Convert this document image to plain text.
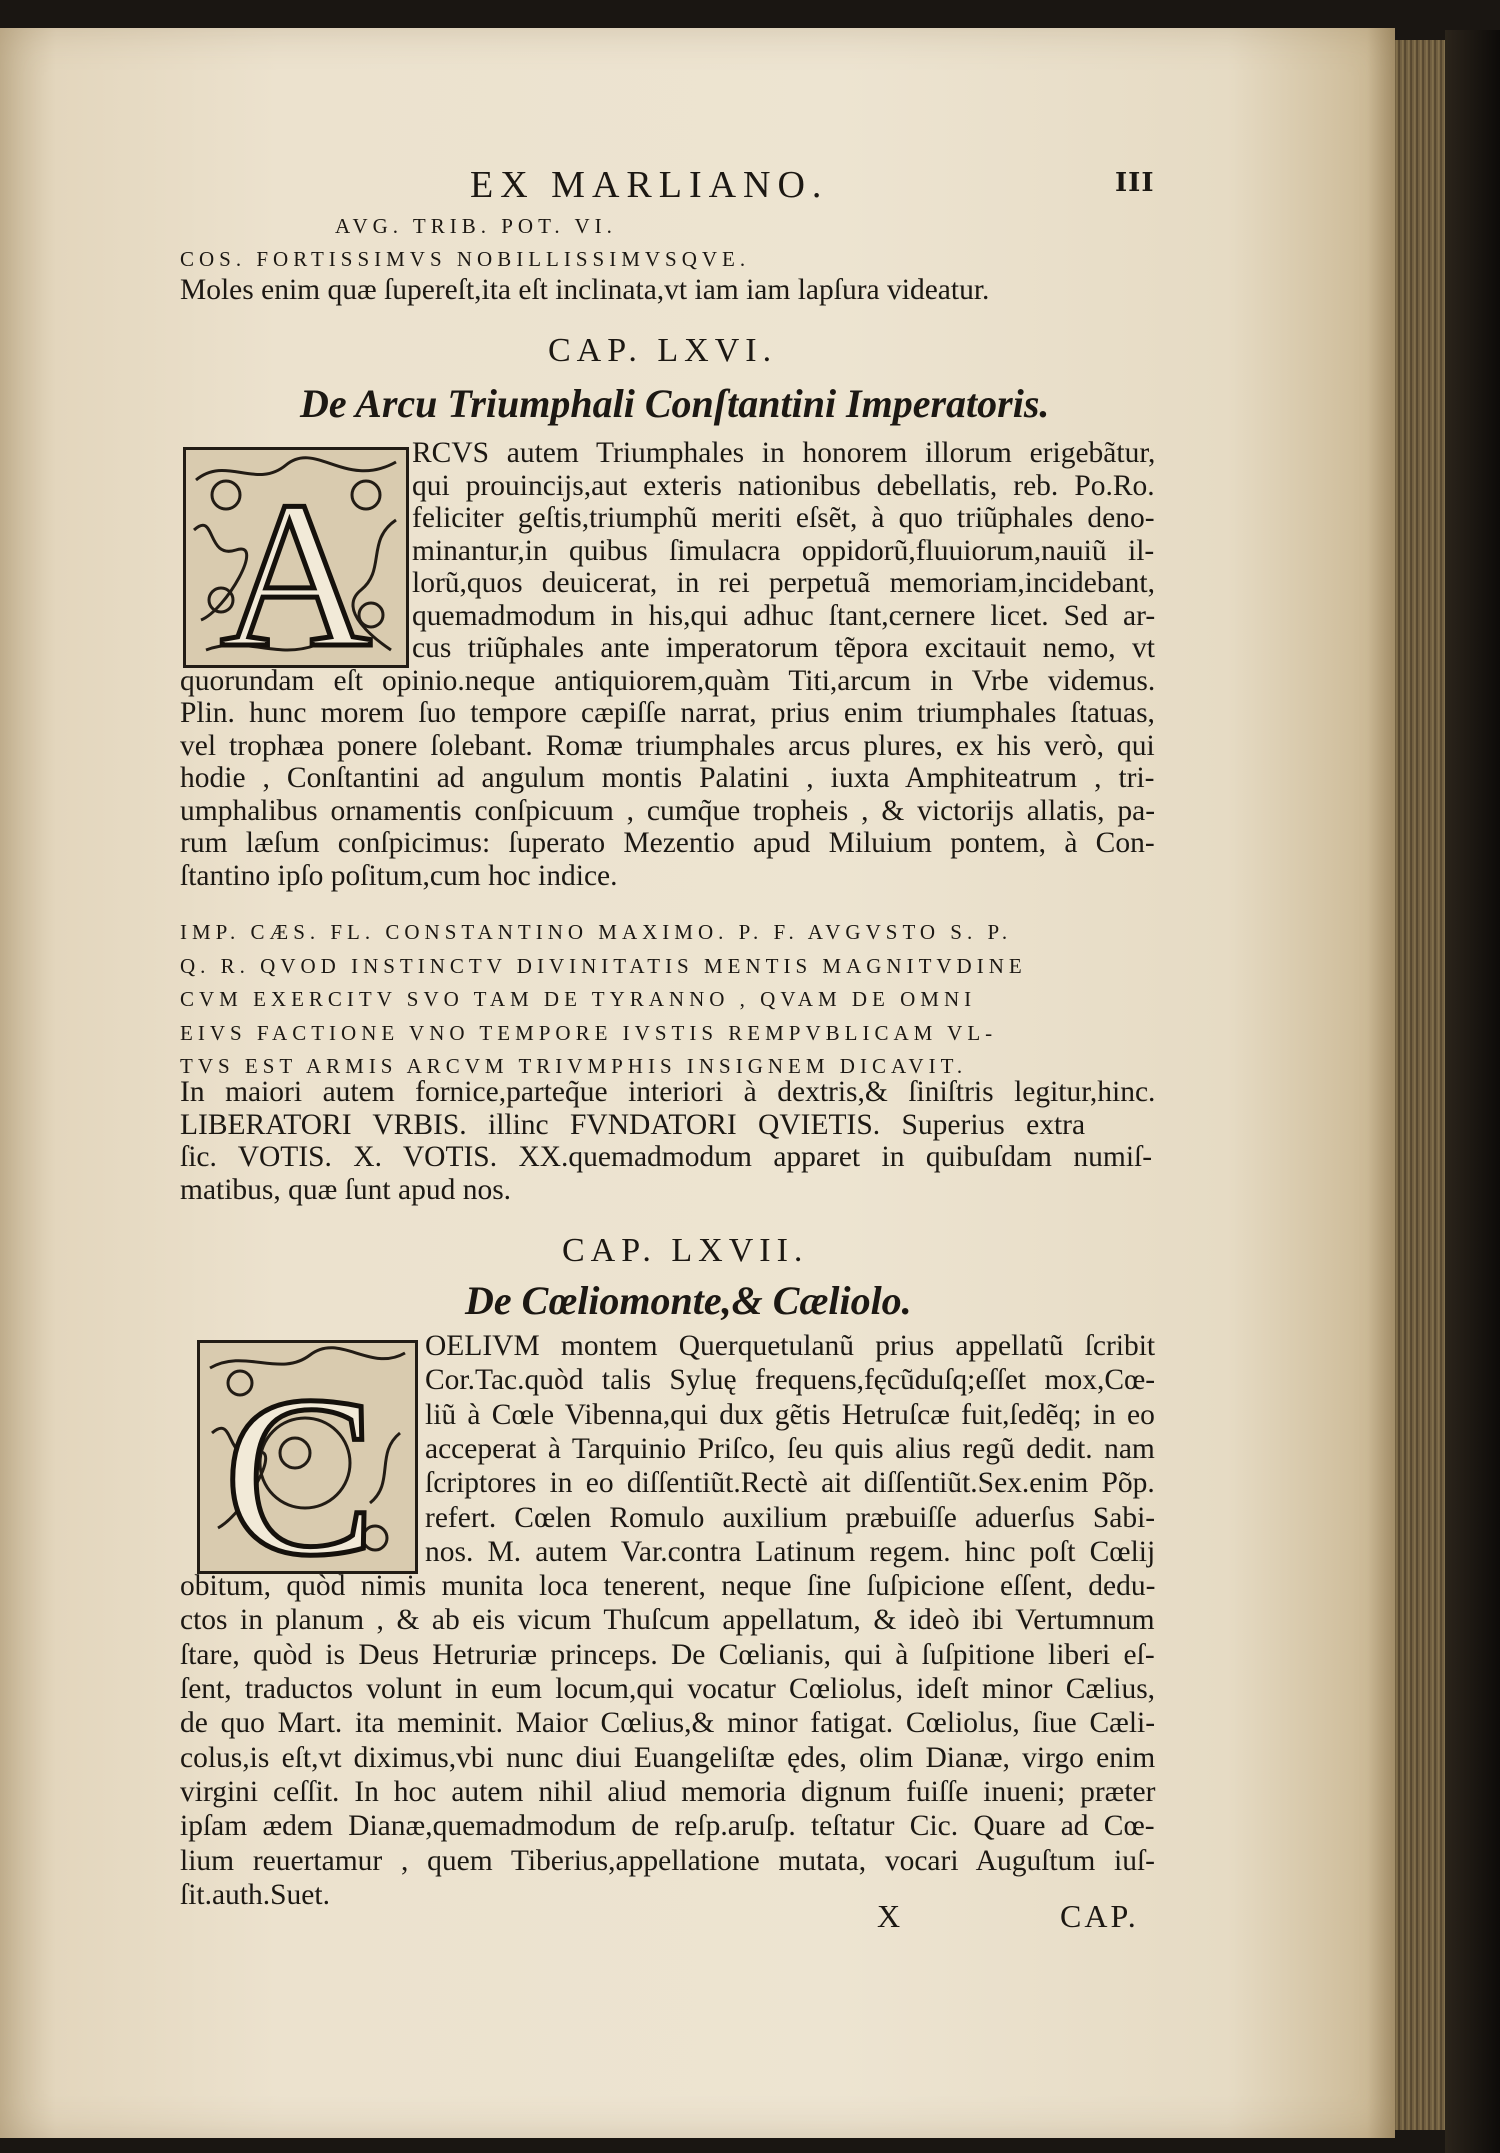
EX MARLIANO.	III
AVG. TRIB. POT. VI.
COS. FORTISSIMVS NOBILLISSIMVSQVE.
Moles enim quæ ſupereſt,ita eſt inclinata,vt iam iam lapſura videatur.
CAP. LXVI.
De Arcu Triumphali Conſtantini Imperatoris.
A
RCVS autem Triumphales in honorem illorum erigebãtur,
qui prouincijs,aut exteris nationibus debellatis, reb. Po.Ro.
feliciter geſtis,triumphũ meriti eſsẽt, à quo triũphales deno-
minantur,in quibus ſimulacra oppidorũ,fluuiorum,nauiũ il-
lorũ,quos deuicerat, in rei perpetuã memoriam,incidebant,
quemadmodum in his,qui adhuc ſtant,cernere licet. Sed ar-
cus triũphales ante imperatorum tẽpora excitauit nemo, vt
quorundam eſt opinio.neque antiquiorem,quàm Titi,arcum in Vrbe videmus.
Plin. hunc morem ſuo tempore cæpiſſe narrat, prius enim triumphales ſtatuas,
vel trophæa ponere ſolebant. Romæ triumphales arcus plures, ex his verò, qui
hodie , Conſtantini ad angulum montis Palatini , iuxta Amphiteatrum , tri-
umphalibus ornamentis conſpicuum , cumq̃ue tropheis , & victorijs allatis, pa-
rum læſum conſpicimus: ſuperato Mezentio apud Miluium pontem, à Con-
ſtantino ipſo poſitum,cum hoc indice.
IMP. CÆS. FL. CONSTANTINO MAXIMO. P. F. AVGVSTO S. P.
Q. R. QVOD INSTINCTV DIVINITATIS MENTIS MAGNITVDINE
CVM EXERCITV SVO TAM DE TYRANNO , QVAM DE OMNI
EIVS FACTIONE VNO TEMPORE IVSTIS REMPVBLICAM VL-
TVS EST ARMIS ARCVM TRIVMPHIS INSIGNEM DICAVIT.
In maiori autem fornice,parteq̃ue interiori à dextris,& ſiniſtris legitur,hinc.
LIBERATORI VRBIS. illinc FVNDATORI QVIETIS. Superius extra
ſic. VOTIS. X. VOTIS. XX.quemadmodum apparet in quibuſdam numiſ-
matibus, quæ ſunt apud nos.
CAP. LXVII.
De Cœliomonte,& Cæliolo.
C
OELIVM montem Querquetulanũ prius appellatũ ſcribit
Cor.Tac.quòd talis Syluę frequens,fęcũduſq;eſſet mox,Cœ-
liũ à Cœle Vibenna,qui dux gẽtis Hetruſcæ fuit,ſedẽq; in eo
acceperat à Tarquinio Priſco, ſeu quis alius regũ dedit. nam
ſcriptores in eo diſſentiũt.Rectè ait diſſentiũt.Sex.enim Põp.
refert. Cœlen Romulo auxilium præbuiſſe aduerſus Sabi-
nos. M. autem Var.contra Latinum regem. hinc poſt Cœlij
obitum, quòd nimis munita loca tenerent, neque ſine ſuſpicione eſſent, dedu-
ctos in planum , & ab eis vicum Thuſcum appellatum, & ideò ibi Vertumnum
ſtare, quòd is Deus Hetruriæ princeps. De Cœlianis, qui à ſuſpitione liberi eſ-
ſent, traductos volunt in eum locum,qui vocatur Cœliolus, ideſt minor Cælius,
de quo Mart. ita meminit. Maior Cœlius,& minor fatigat. Cœliolus, ſiue Cæli-
colus,is eſt,vt diximus,vbi nunc diui Euangeliſtæ ędes, olim Dianæ, virgo enim
virgini ceſſit. In hoc autem nihil aliud memoria dignum fuiſſe inueni; præter
ipſam ædem Dianæ,quemadmodum de reſp.aruſp. teſtatur Cic. Quare ad Cœ-
lium reuertamur , quem Tiberius,appellatione mutata, vocari Auguſtum iuſ-
ſit.auth.Suet.
X	CAP.
